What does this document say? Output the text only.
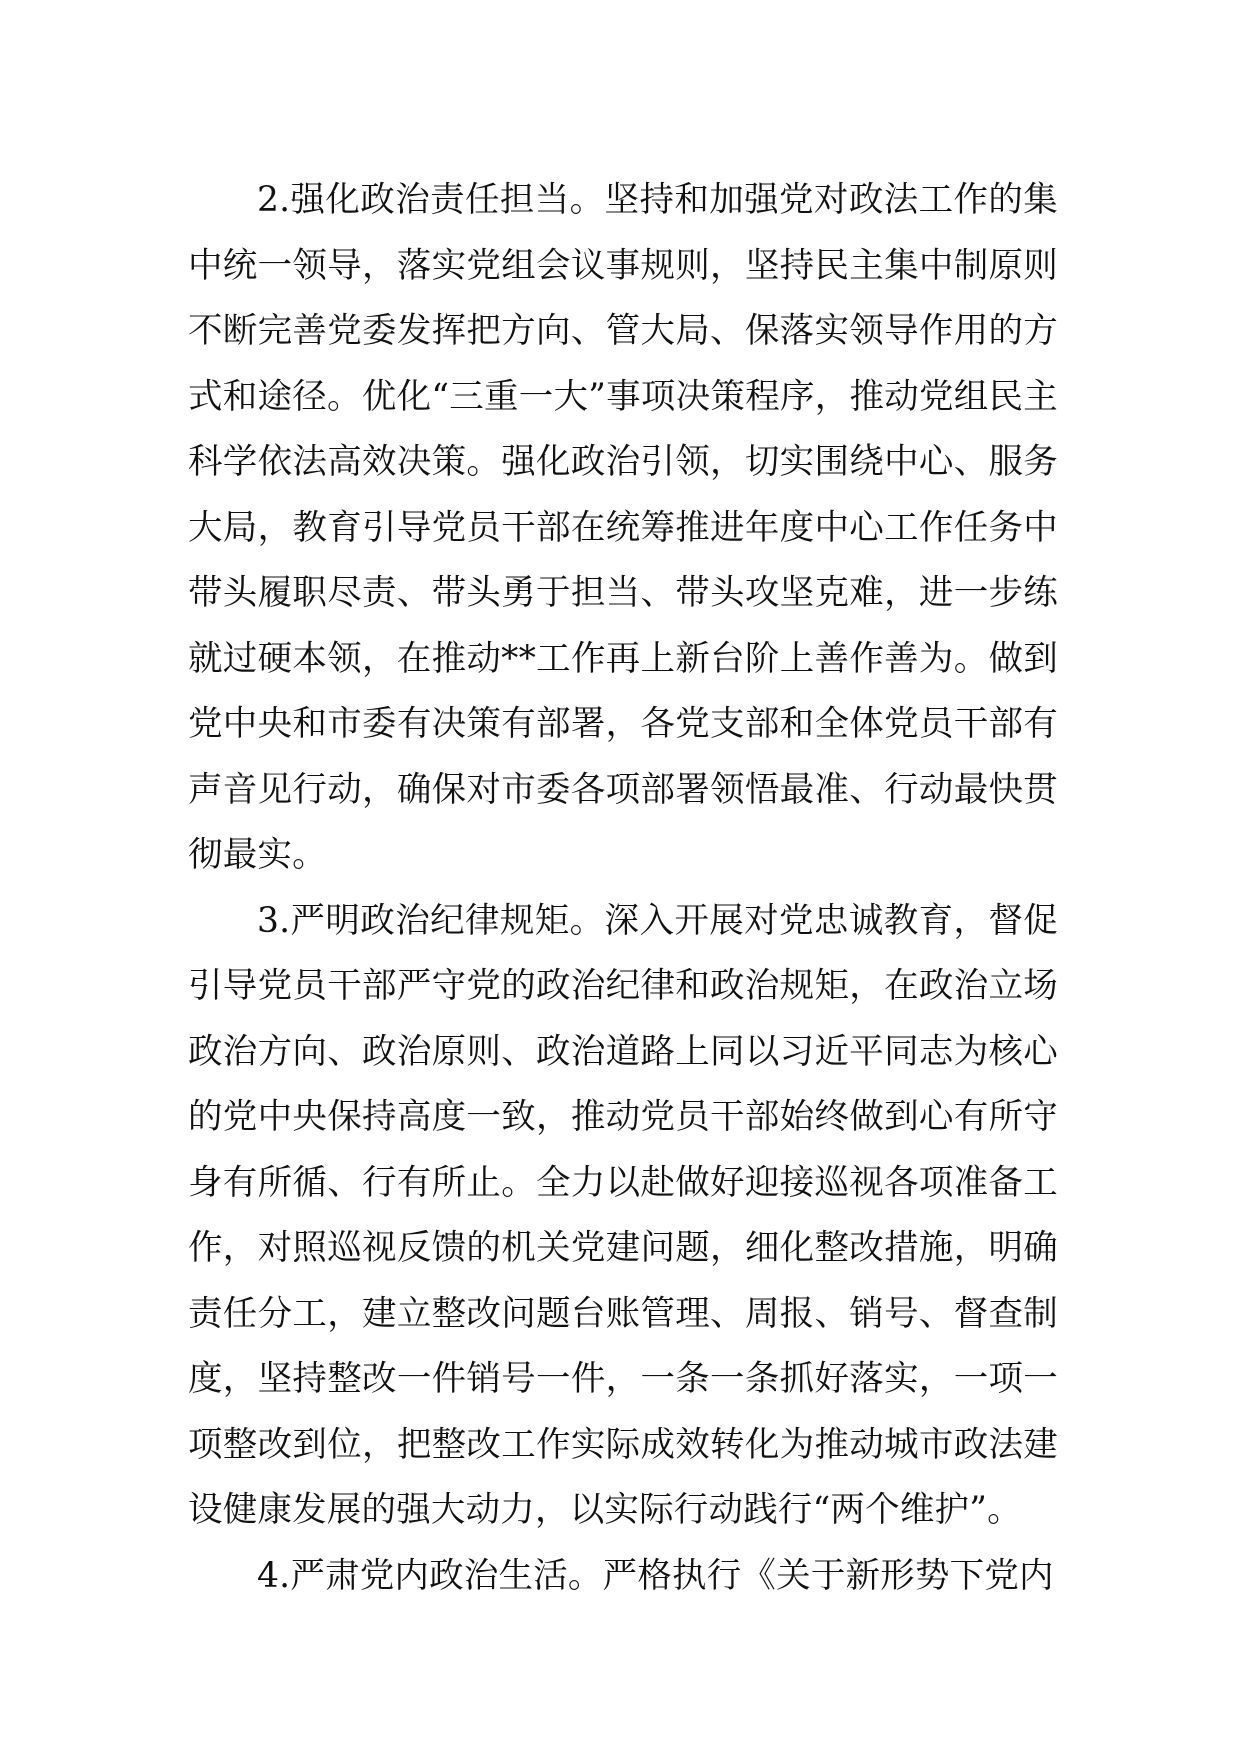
2.强化政治责任担当。坚持和加强党对政法工作的集中统一领导，落实党组会议事规则，坚持民主集中制原则不断完善党委发挥把方向、管大局、保落实领导作用的方式和途径。优化“三重一大”事项决策程序，推动党组民主科学依法高效决策。强化政治引领，切实围绕中心、服务大局，教育引导党员干部在统筹推进年度中心工作任务中带头履职尽责、带头勇于担当、带头攻坚克难，进一步练就过硬本领，在推动**工作再上新台阶上善作善为。做到党中央和市委有决策有部署，各党支部和全体党员干部有声音见行动，确保对市委各项部署领悟最准、行动最快贯彻最实。

3.严明政治纪律规矩。深入开展对党忠诚教育，督促引导党员干部严守党的政治纪律和政治规矩，在政治立场政治方向、政治原则、政治道路上同以习近平同志为核心的党中央保持高度一致，推动党员干部始终做到心有所守身有所循、行有所止。全力以赴做好迎接巡视各项准备工作，对照巡视反馈的机关党建问题，细化整改措施，明确责任分工，建立整改问题台账管理、周报、销号、督查制度，坚持整改一件销号一件，一条一条抓好落实，一项一项整改到位，把整改工作实际成效转化为推动城市政法建设健康发展的强大动力，以实际行动践行“两个维护”。

4.严肃党内政治生活。严格执行《关于新形势下党内
